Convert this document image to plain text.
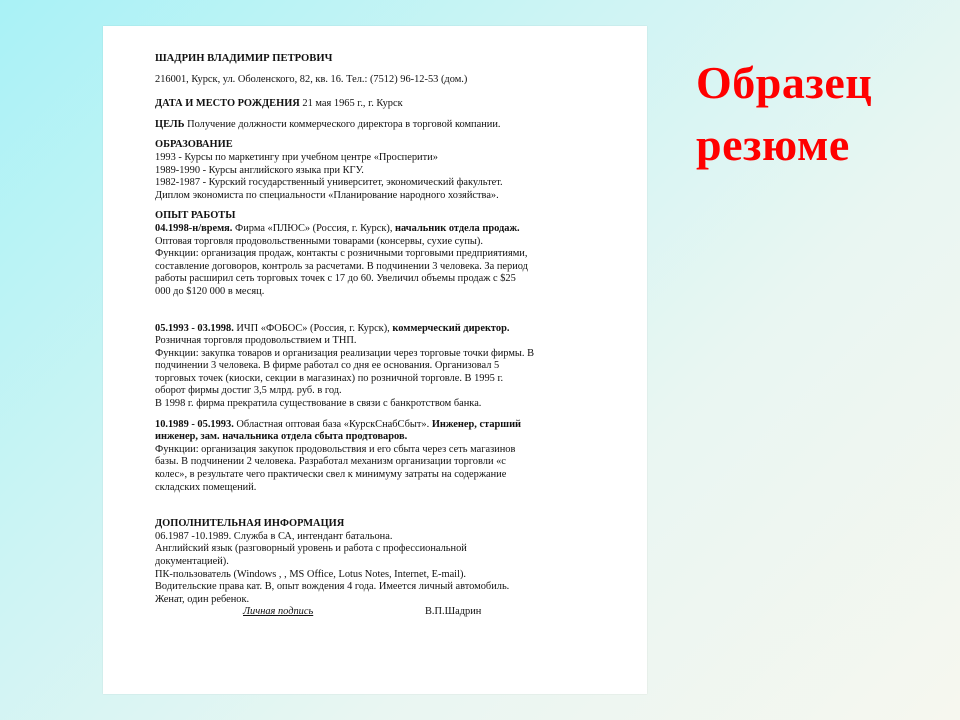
Образец
резюме

ШАДРИН ВЛАДИМИР ПЕТРОВИЧ

216001, Курск, ул. Оболенского, 82, кв. 16. Тел.: (7512) 96-12-53 (дом.)

ДАТА И МЕСТО РОЖДЕНИЯ 21 мая 1965 г., г. Курск

ЦЕЛЬ Получение должности коммерческого директора в торговой компании.

ОБРАЗОВАНИЕ

1993 - Курсы по маркетингу при учебном центре «Просперити»

1989-1990 - Курсы английского языка при КГУ.

1982-1987 - Курский государственный университет, экономический факультет.

Диплом экономиста по специальности «Планирование народного хозяйства».

ОПЫТ РАБОТЫ

04.1998-н/время. Фирма «ПЛЮС» (Россия, г. Курск), начальник отдела продаж.

Оптовая торговля продовольственными товарами (консервы, сухие супы).

Функции: организация продаж, контакты с розничными торговыми предприятиями,

составление договоров, контроль за расчетами. В подчинении 3 человека. За период

работы расширил сеть торговых точек с 17 до 60. Увеличил объемы продаж с $25

000 до $120 000 в месяц.

05.1993 - 03.1998. ИЧП «ФОБОС» (Россия, г. Курск), коммерческий директор.

Розничная торговля продовольствием и ТНП.

Функции: закупка товаров и организация реализации через торговые точки фирмы. В

подчинении 3 человека. В фирме работал со дня ее основания. Организовал 5

торговых точек (киоски, секции в магазинах) по розничной торговле. В 1995 г.

оборот фирмы достиг 3,5 млрд. руб. в год.

В 1998 г. фирма прекратила существование в связи с банкротством банка.

10.1989 - 05.1993. Областная оптовая база «КурскСнабСбыт». Инженер, старший

инженер, зам. начальника отдела сбыта продтоваров.

Функции: организация закупок продовольствия и его сбыта через сеть магазинов

базы. В подчинении 2 человека. Разработал механизм организации торговли «с

колес», в результате чего практически свел к минимуму затраты на содержание

складских помещений.

ДОПОЛНИТЕЛЬНАЯ ИНФОРМАЦИЯ

06.1987 -10.1989. Служба в СА, интендант батальона.

Английский язык (разговорный уровень и работа с профессиональной

документацией).

ПК-пользователь (Windows , , MS Office, Lotus Notes, Internet, E-mail).

Водительские права кат. В, опыт вождения 4 года. Имеется личный автомобиль.

Женат, один ребенок.

Личная подпись	В.П.Шадрин
